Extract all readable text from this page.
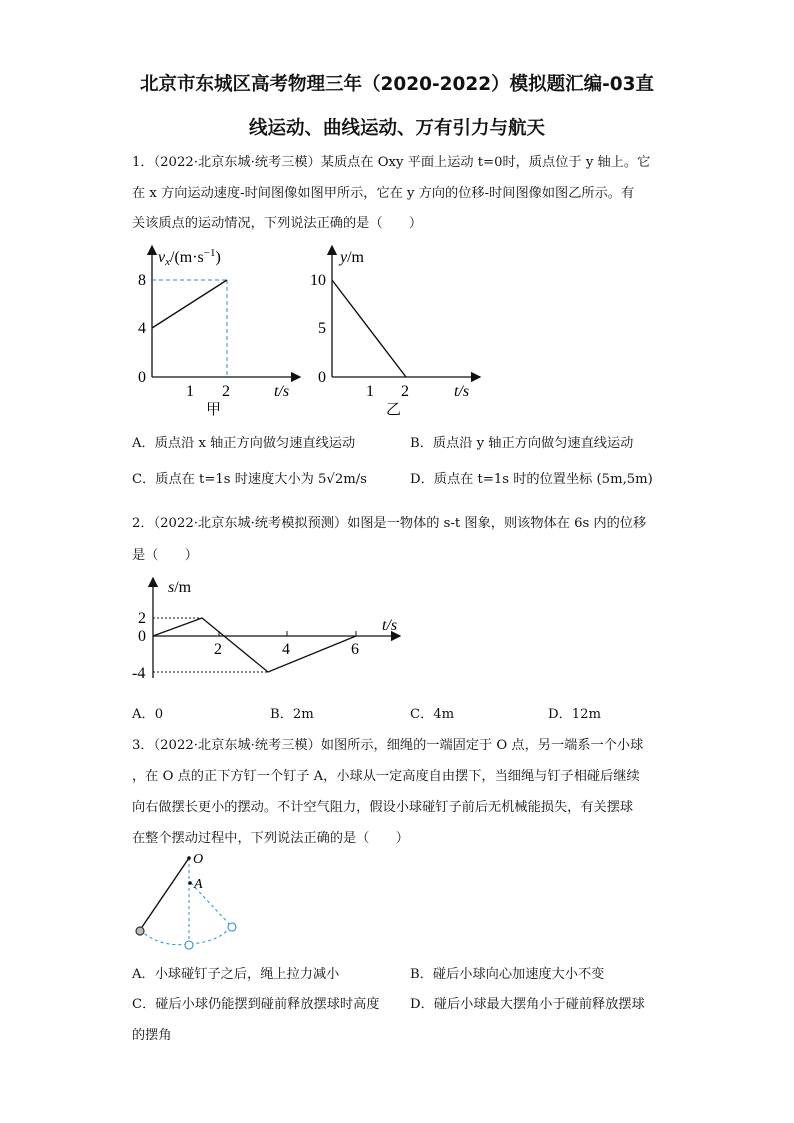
北京市东城区高考物理三年（2020-2022）模拟题汇编-03直
线运动、曲线运动、万有引力与航天
1．（2022·北京东城·统考三模）某质点在 Oxy 平面上运动 t=0时，质点位于 y 轴上。它
在 x 方向运动速度-时间图像如图甲所示，它在 y 方向的位移-时间图像如图乙所示。有
关该质点的运动情况，下列说法正确的是（　　）
$vx/(m\cdot s^{-1})$
8
4
0
1 2	t/s
甲
y/m
10
5
0
1 2	t/s
乙
A．质点沿 x 轴正方向做匀速直线运动	B．质点沿 y 轴正方向做匀速直线运动
C．质点在 t=1s 时速度大小为 5√2m/s	D．质点在 t=1s 时的位置坐标 (5m,5m)
2．（2022·北京东城·统考模拟预测）如图是一物体的 s-t 图象，则该物体在 6s 内的位移
是（　　）
s/m
2
0
-4
2	4	6
t/s
A．0	B．2m	C．4m	D．12m
3．（2022·北京东城·统考三模）如图所示，细绳的一端固定于 O 点，另一端系一个小球
，在 O 点的正下方钉一个钉子 A，小球从一定高度自由摆下，当细绳与钉子相碰后继续
向右做摆长更小的摆动。不计空气阻力，假设小球碰钉子前后无机械能损失，有关摆球
在整个摆动过程中，下列说法正确的是（　　）
O
A
A．小球碰钉子之后，绳上拉力减小	B．碰后小球向心加速度大小不变
C．碰后小球仍能摆到碰前释放摆球时高度 D．碰后小球最大摆角小于碰前释放摆球
的摆角
